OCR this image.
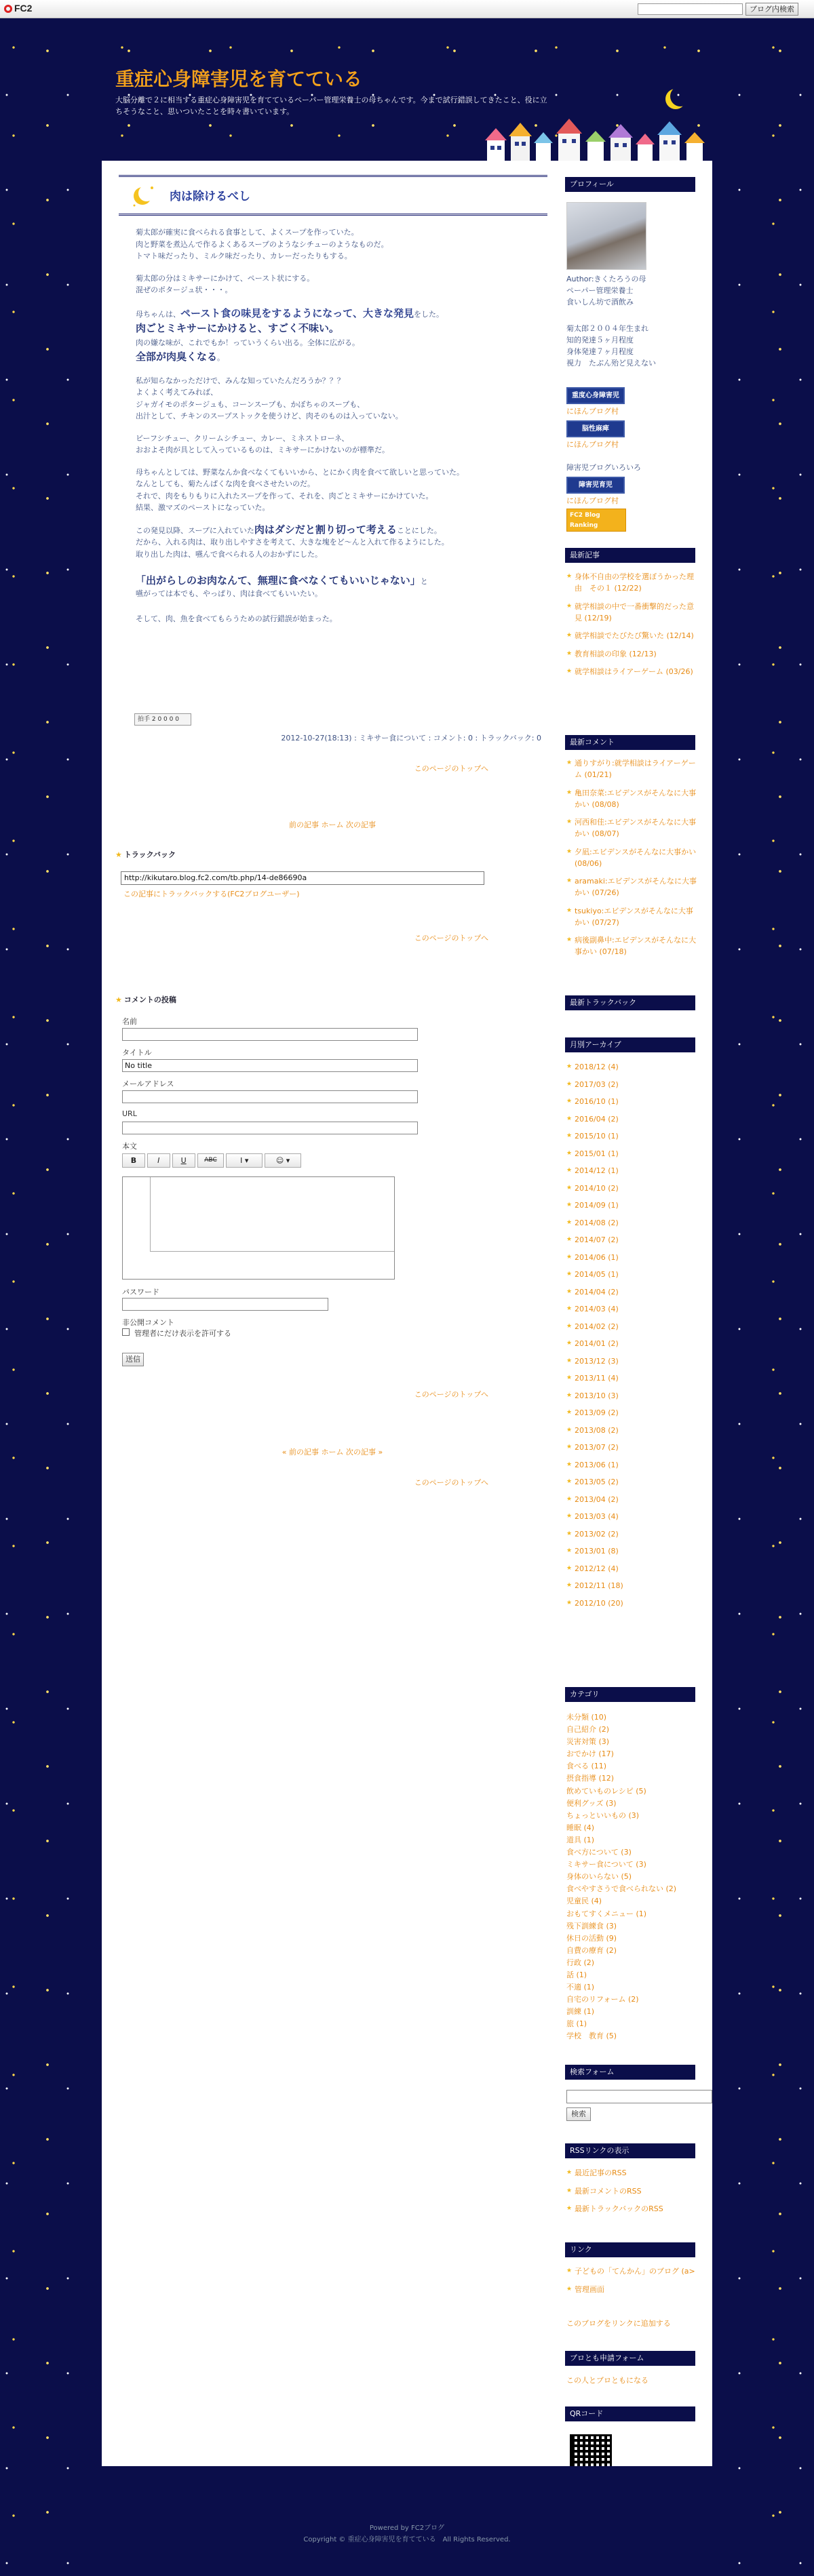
FC2	ブログ内検索
重症心身障害児を育てている
大脳分離で２に相当する重症心身障害児を育てているペーパー管理栄養士の母ちゃんです。今まで試行錯誤してきたこと、役に立ちそうなこと、思いついたことを時々書いています。
肉は除けるべし

菊太郎が確実に食べられる食事として、よくスープを作っていた。
肉と野菜を煮込んで作るよくあるスープのようなシチューのようなものだ。
トマト味だったり、ミルク味だったり、カレーだったりもする。

菊太郎の分はミキサーにかけて、ペースト状にする。
混ぜのポタージュ状・・・。

母ちゃんは、ペースト食の味見をするようになって、大きな発見をした。
肉ごとミキサーにかけると、すごく不味い。
肉の嫌な味が、これでもか！っていうくらい出る。全体に広がる。
全部が肉臭くなる。

私が知らなかっただけで、みんな知っていたんだろうか？？？
よくよく考えてみれば、
ジャガイモのポタージュも、コーンスープも、かぼちゃのスープも、
出汁として、チキンのスープストックを使うけど、肉そのものは入っていない。

ビーフシチュー、クリームシチュー、カレー、ミネストローネ、
おおよそ肉が具として入っているものは、ミキサーにかけないのが標準だ。

母ちゃんとしては、野菜なんか食べなくてもいいから、とにかく肉を食べて欲しいと思っていた。
なんとしても、菊たんぱくな肉を食べさせたいのだ。
それで、肉をもりもりに入れたスープを作って、それを、肉ごとミキサーにかけていた。
結果、激マズのペーストになっていた。

この発見以降、スープに入れていた肉はダシだと割り切って考えることにした。
だから、入れる肉は、取り出しやすさを考えて、大きな塊をど〜んと入れて作るようにした。
取り出した肉は、嚥んで食べられる人のおかずにした。

「出がらしのお肉なんて、無理に食べなくてもいいじゃない」と
嚥がっては本でも、やっぱり、肉は食べてもいいたい。

そして、肉、魚を食べてもらうための試行錯誤が始まった。

拍手 2 0 0 0 0
2012-10-27(18:13) : ミキサー食について : コメント: 0 : トラックバック: 0
このページのトップへ
前の記事 ホーム 次の記事
★ トラックバック
http://kikutaro.blog.fc2.com/tb.php/14-de86690a
この記事にトラックバックする(FC2ブログユーザー)
このページのトップへ
★ コメントの投稿
名前
タイトル
No title
メールアドレス
URL
本文
B	I	U	ABC	I ▾	☺ ▾
パスワード
非公開コメント
管理者にだけ表示を許可する
送信
このページのトップへ
« 前の記事 ホーム 次の記事 »
このページのトップへ
プロフィール
Author:きくたろうの母
ペーパー管理栄養士
食いしん坊で酒飲み
菊太郎２００４年生まれ
知的発達５ヶ月程度
身体発達７ヶ月程度
視力　たぶん殆ど見えない
重度心身障害児
にほんブログ村
脳性麻痺
にほんブログ村
障害児ブログいろいろ
障害児育児
にほんブログ村
FC2 Blog Ranking
最新記事
★ 身体不自由の学校を選ぼうかった理由　その１ (12/22)
★ 就学相談の中で一番衝撃的だった意見 (12/19)
★ 就学相談でたびたび驚いた (12/14)
★ 教育相談の印象 (12/13)
★ 就学相談はライアーゲーム (03/26)
最新コメント
★ 通りすがり:就学相談はライアーゲーム (01/21)
★ 亀田奈菜:エビデンスがそんなに大事かい (08/08)
★ 河西和佳:エビデンスがそんなに大事かい (08/07)
★ 夕凪:エビデンスがそんなに大事かい (08/06)
★ aramaki:エビデンスがそんなに大事かい (07/26)
★ tsukiyo:エビデンスがそんなに大事かい (07/27)
★ 病後副鼻中:エビデンスがそんなに大事かい (07/18)
最新トラックバック
月別アーカイブ
★ 2018/12 (4)
★ 2017/03 (2)
★ 2016/10 (1)
★ 2016/04 (2)
★ 2015/10 (1)
★ 2015/01 (1)
★ 2014/12 (1)
★ 2014/10 (2)
★ 2014/09 (1)
★ 2014/08 (2)
★ 2014/07 (2)
★ 2014/06 (1)
★ 2014/05 (1)
★ 2014/04 (2)
★ 2014/03 (4)
★ 2014/02 (2)
★ 2014/01 (2)
★ 2013/12 (3)
★ 2013/11 (4)
★ 2013/10 (3)
★ 2013/09 (2)
★ 2013/08 (2)
★ 2013/07 (2)
★ 2013/06 (1)
★ 2013/05 (2)
★ 2013/04 (2)
★ 2013/03 (4)
★ 2013/02 (2)
★ 2013/01 (8)
★ 2012/12 (4)
★ 2012/11 (18)
★ 2012/10 (20)
カテゴリ
未分類 (10)
自己紹介 (2)
災害対策 (3)
おでかけ (17)
食べる (11)
摂食指導 (12)
飲めていものレシピ (5)
便利グッズ (3)
ちょっといいもの (3)
睡眠 (4)
道具 (1)
食べ方について (3)
ミキサー食について (3)
身体のいらない (5)
食べやすさうで食べられない (2)
児童民 (4)
おもてすくメニュー (1)
残下訓練食 (3)
休日の活動 (9)
自費の療育 (2)
行政 (2)
話 (1)
不適 (1)
自宅のリフォーム (2)
訓練 (1)
旅 (1)
学校　教育 (5)
検索フォーム
検索
RSSリンクの表示
★ 最近記事のRSS
★ 最新コメントのRSS
★ 最新トラックバックのRSS
リンク
★ 子どもの「てんかん」のブログ (a>
★ 管理画面
このブログをリンクに追加する
ブロとも申請フォーム
この人とブロともになる
QRコード
Powered by FC2ブログ
Copyright © 重症心身障害児を育てている　All Rights Reserved.
